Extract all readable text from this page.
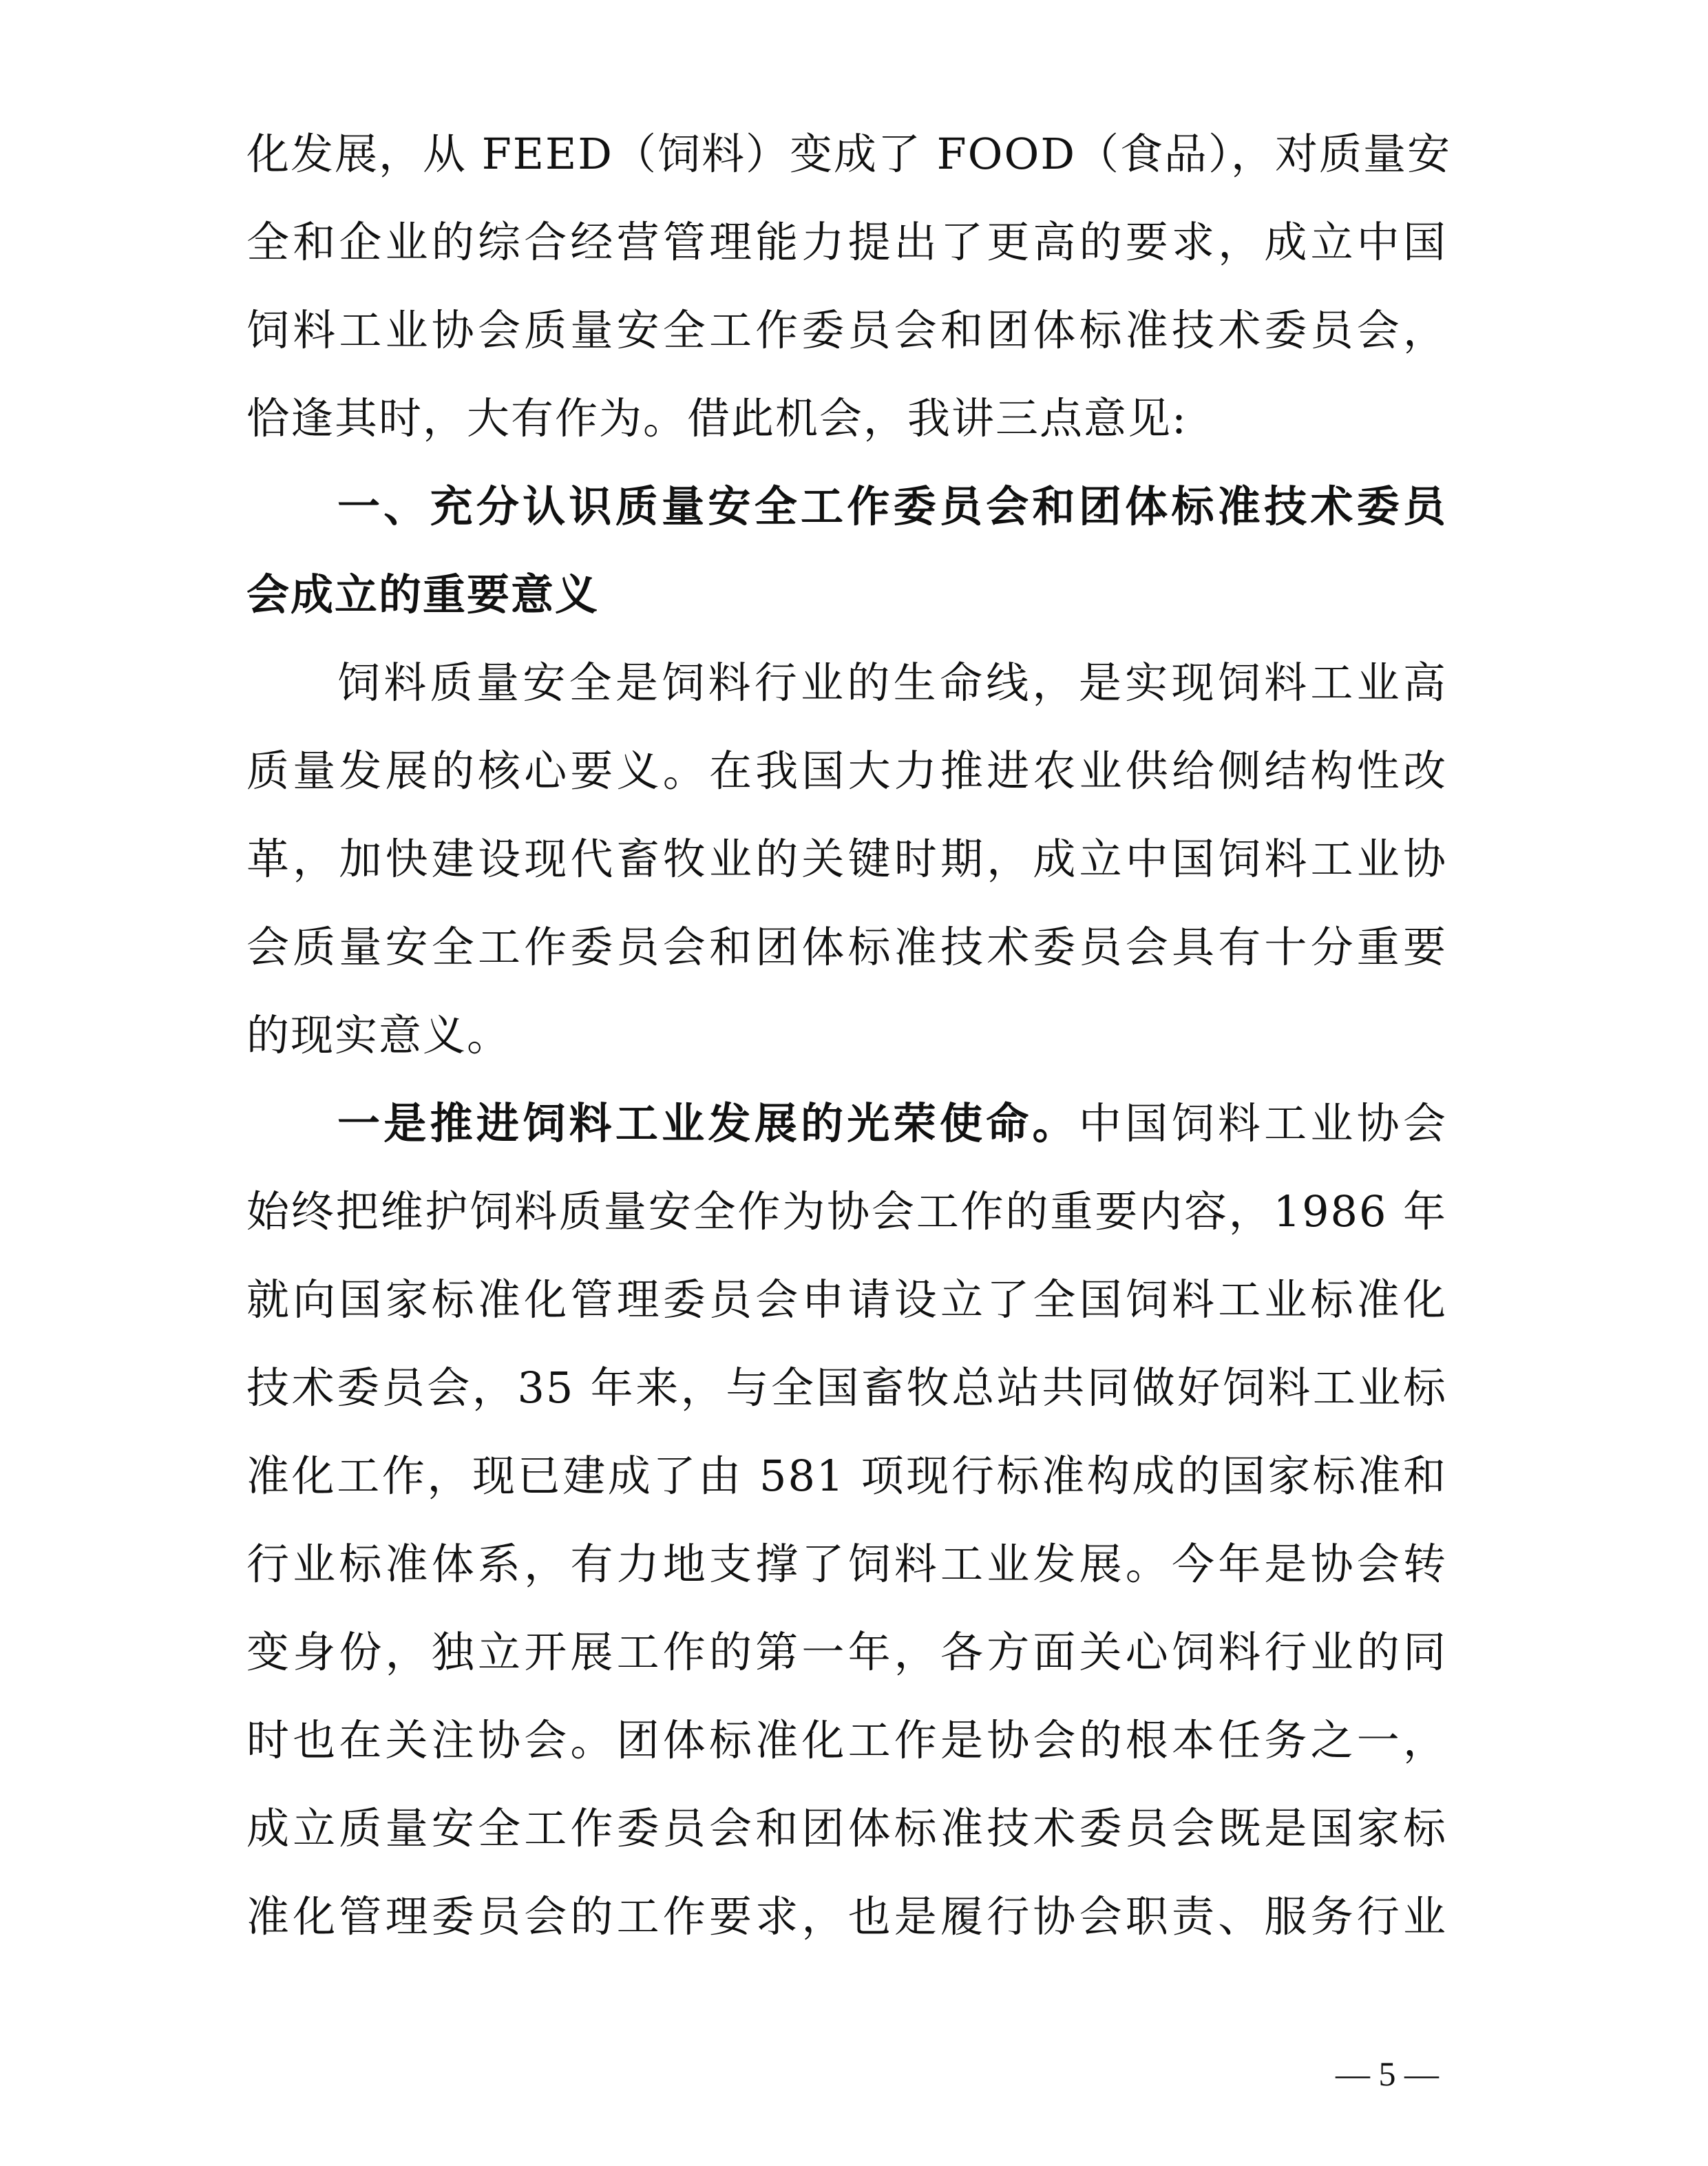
化发展，从 FEED（饲料）变成了 FOOD（食品），对质量安
全和企业的综合经营管理能力提出了更高的要求，成立中国
饲料工业协会质量安全工作委员会和团体标准技术委员会，
恰逢其时，大有作为。借此机会，我讲三点意见:
一、充分认识质量安全工作委员会和团体标准技术委员
会成立的重要意义
饲料质量安全是饲料行业的生命线，是实现饲料工业高
质量发展的核心要义。在我国大力推进农业供给侧结构性改
革，加快建设现代畜牧业的关键时期，成立中国饲料工业协
会质量安全工作委员会和团体标准技术委员会具有十分重要
的现实意义。
一是推进饲料工业发展的光荣使命。中国饲料工业协会
始终把维护饲料质量安全作为协会工作的重要内容，1986 年
就向国家标准化管理委员会申请设立了全国饲料工业标准化
技术委员会，35 年来，与全国畜牧总站共同做好饲料工业标
准化工作，现已建成了由 581 项现行标准构成的国家标准和
行业标准体系，有力地支撑了饲料工业发展。今年是协会转
变身份，独立开展工作的第一年，各方面关心饲料行业的同
时也在关注协会。团体标准化工作是协会的根本任务之一，
成立质量安全工作委员会和团体标准技术委员会既是国家标
准化管理委员会的工作要求，也是履行协会职责、服务行业
— 5 —
